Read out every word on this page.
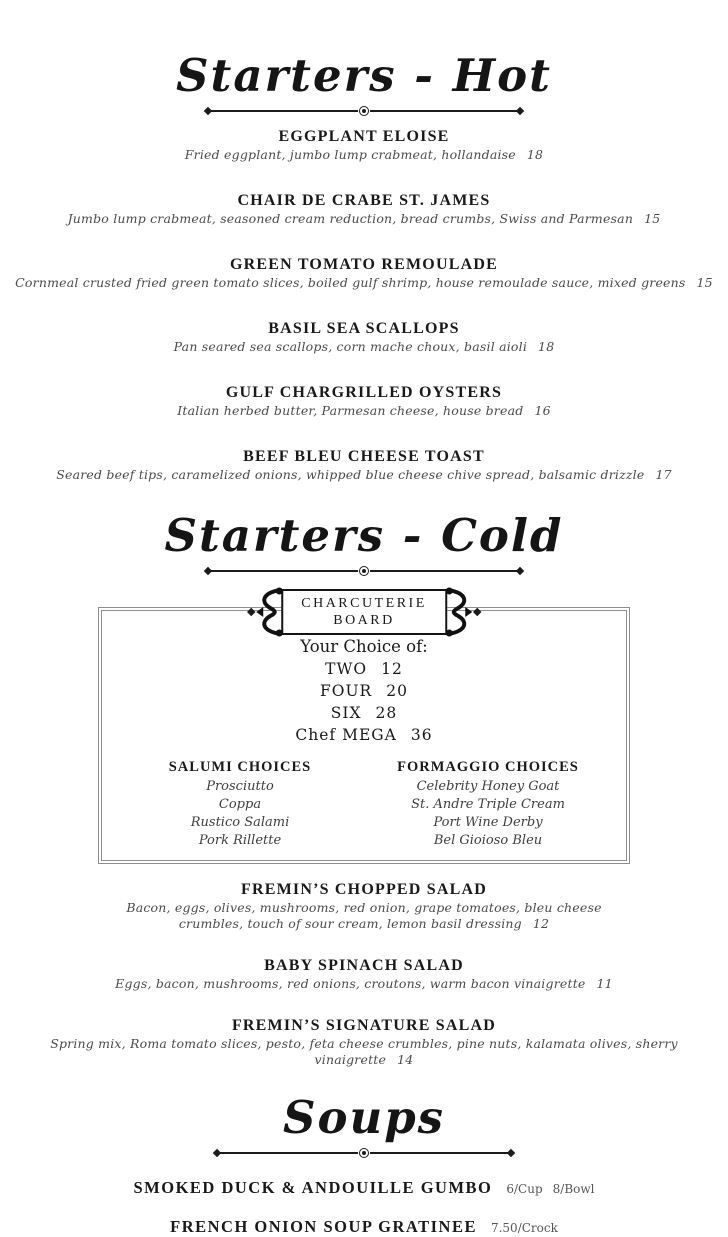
Starters - Hot
EGGPLANT ELOISE
Fried eggplant, jumbo lump crabmeat, hollandaise 18
CHAIR DE CRABE ST. JAMES
Jumbo lump crabmeat, seasoned cream reduction, bread crumbs, Swiss and Parmesan 15
GREEN TOMATO REMOULADE
Cornmeal crusted fried green tomato slices, boiled gulf shrimp, house remoulade sauce, mixed greens 15
BASIL SEA SCALLOPS
Pan seared sea scallops, corn mache choux, basil aioli 18
GULF CHARGRILLED OYSTERS
Italian herbed butter, Parmesan cheese, house bread 16
BEEF BLEU CHEESE TOAST
Seared beef tips, caramelized onions, whipped blue cheese chive spread, balsamic drizzle 17
Starters - Cold
CHARCUTERIE
BOARD
Your Choice of:
TWO 12
FOUR 20
SIX 28
Chef MEGA 36
SALUMI CHOICES
Prosciutto
Coppa
Rustico Salami
Pork Rillette
FORMAGGIO CHOICES
Celebrity Honey Goat
St. Andre Triple Cream
Port Wine Derby
Bel Gioioso Bleu
FREMIN’S CHOPPED SALAD
Bacon, eggs, olives, mushrooms, red onion, grape tomatoes, bleu cheese crumbles, touch of sour cream, lemon basil dressing 12
BABY SPINACH SALAD
Eggs, bacon, mushrooms, red onions, croutons, warm bacon vinaigrette 11
FREMIN’S SIGNATURE SALAD
Spring mix, Roma tomato slices, pesto, feta cheese crumbles, pine nuts, kalamata olives, sherry vinaigrette 14
Soups
SMOKED DUCK & ANDOUILLE GUMBO 6/Cup 8/Bowl
FRENCH ONION SOUP GRATINEE 7.50/Crock
